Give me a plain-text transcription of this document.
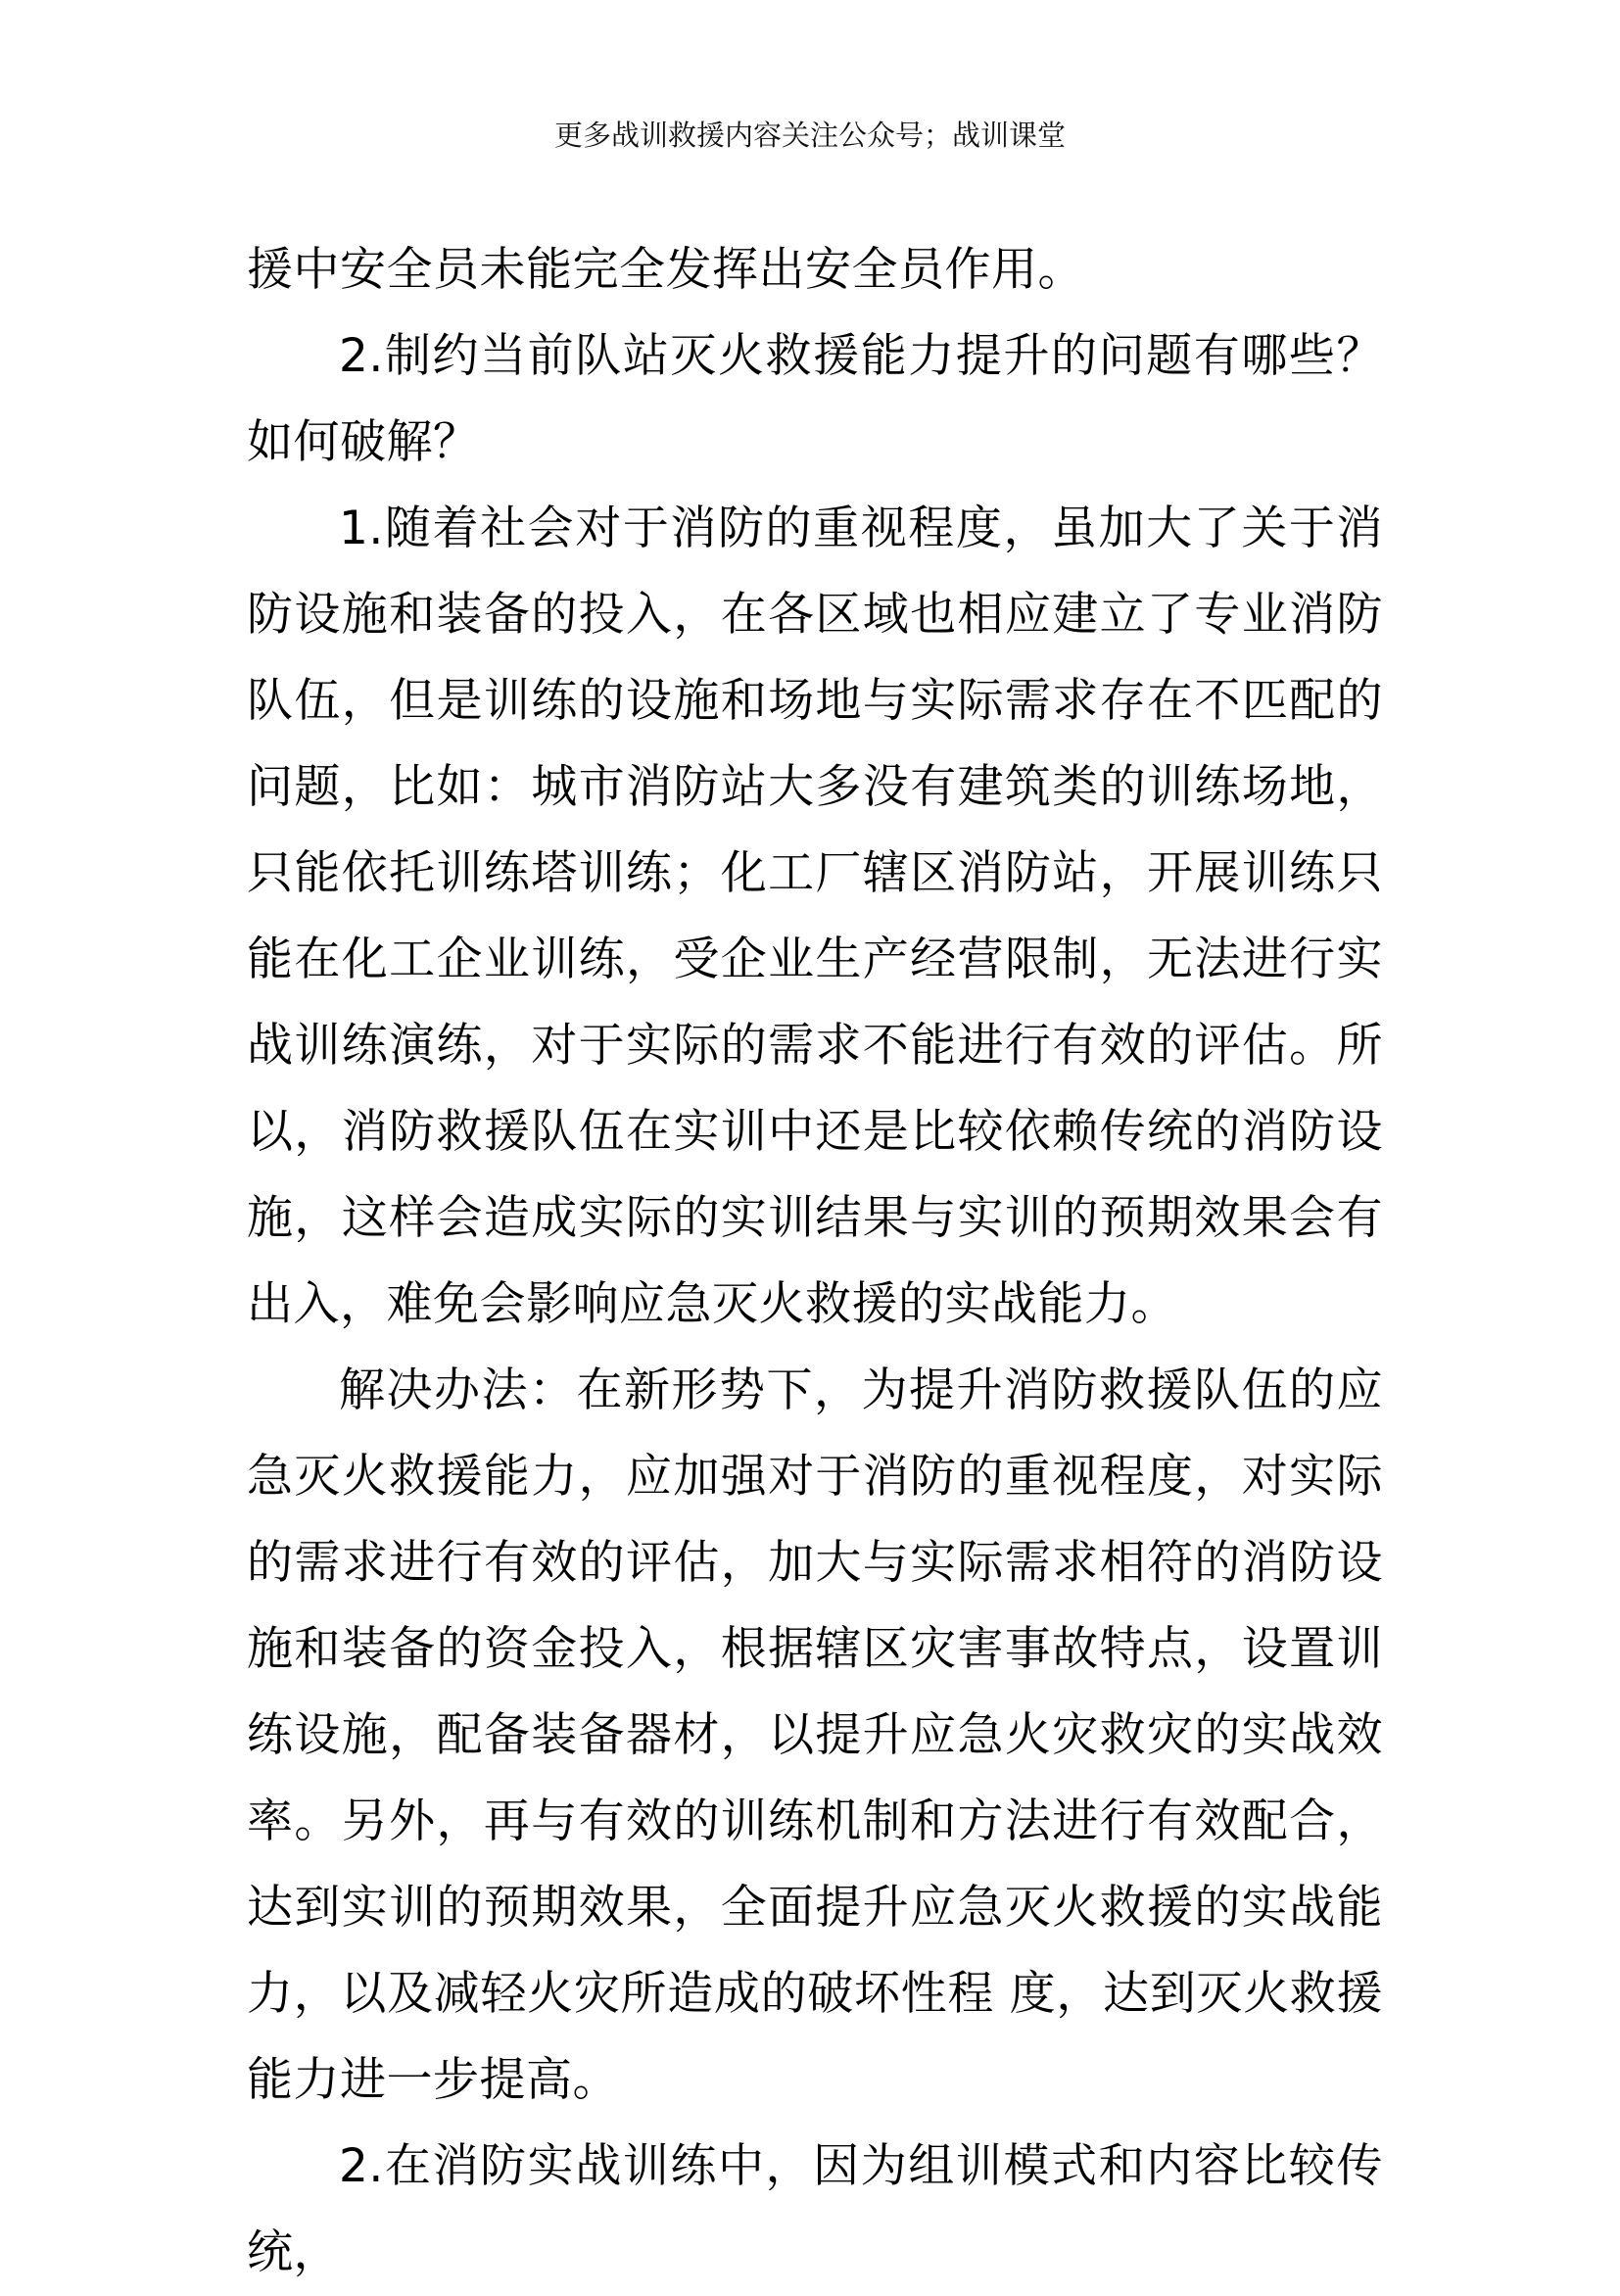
更多战训救援内容关注公众号；战训课堂

援中安全员未能完全发挥出安全员作用。

2.制约当前队站灭火救援能力提升的问题有哪些？如何破解？

1.随着社会对于消防的重视程度，虽加大了关于消防设施和装备的投入，在各区域也相应建立了专业消防队伍，但是训练的设施和场地与实际需求存在不匹配的问题，比如：城市消防站大多没有建筑类的训练场地，只能依托训练塔训练；化工厂辖区消防站，开展训练只能在化工企业训练，受企业生产经营限制，无法进行实战训练演练，对于实际的需求不能进行有效的评估。所以，消防救援队伍在实训中还是比较依赖传统的消防设施，这样会造成实际的实训结果与实训的预期效果会有出入，难免会影响应急灭火救援的实战能力。

解决办法：在新形势下，为提升消防救援队伍的应急灭火救援能力，应加强对于消防的重视程度，对实际的需求进行有效的评估，加大与实际需求相符的消防设施和装备的资金投入，根据辖区灾害事故特点，设置训练设施，配备装备器材，以提升应急火灾救灾的实战效率。另外，再与有效的训练机制和方法进行有效配合，达到实训的预期效果，全面提升应急灭火救援的实战能力，以及减轻火灾所造成的破坏性程 度，达到灭火救援能力进一步提高。

2.在消防实战训练中，因为组训模式和内容比较传统，
